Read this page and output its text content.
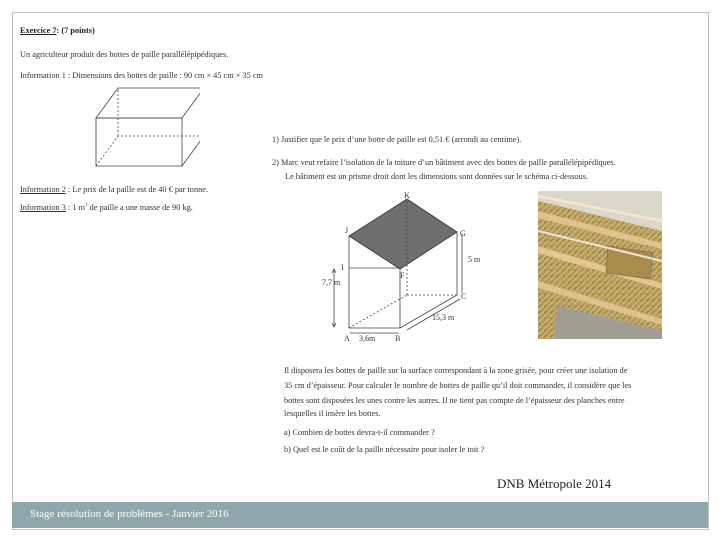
Exercice 7: (7 points)
Un agriculteur produit des bottes de paille parallélépipédiques.
Information 1 : Dimensions des bottes de paille : 90 cm × 45 cm × 35 cm
Information 2 : Le prix de la paille est de 40 € par tonne.
Information 3 : 1 $m^3$ de paille a une masse de 90 kg.
1) Justifier que le prix d’une botte de paille est 0,51 € (arrondi au centime).
2) Marc veut refaire l’isolation de la toiture d’un bâtiment avec des bottes de paille parallélépipédiques.
Le bâtiment est un prisme droit dont les dimensions sont données sur le schéma ci-dessous.
K
J	G
I
F
C
A	B
7,7 m
5 m
15,3 m
3,6m
Il disposera les bottes de paille sur la surface correspondant à la zone grisée, pour créer une isolation de
35 cm d’épaisseur. Pour calculer le nombre de bottes de paille qu’il doit commander, il considère que les
bottes sont disposées les unes contre les autres. Il ne tient pas compte de l’épaisseur des planches entre
lesquelles il insère les bottes.
a) Combien de bottes devra-t-il commander ?
b) Quel est le coût de la paille nécessaire pour isoler le toit ?
DNB Métropole 2014
Stage résolution de problèmes - Janvier 2016
